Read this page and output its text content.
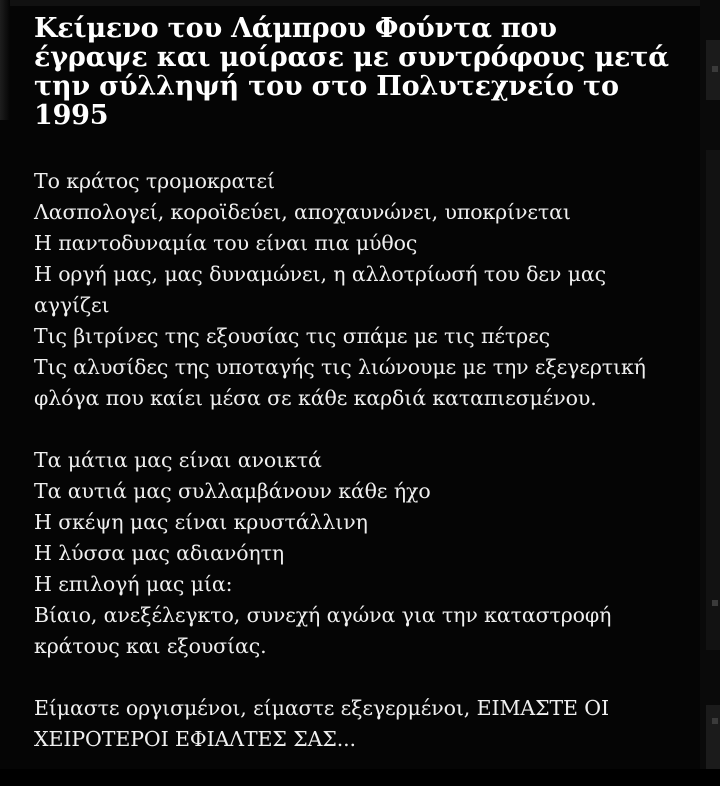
Κείμενο του Λάμπρου Φούντα που έγραψε και μοίρασε με συντρόφους μετά την σύλληψή του στο Πολυτεχνείο το 1995

Το κράτος τρομοκρατεί
Λασπολογεί, κοροϊδεύει, αποχαυνώνει, υποκρίνεται
Η παντοδυναμία του είναι πια μύθος
Η οργή μας, μας δυναμώνει, η αλλοτρίωσή του δεν μας αγγίζει
Τις βιτρίνες της εξουσίας τις σπάμε με τις πέτρες
Τις αλυσίδες της υποταγής τις λιώνουμε με την εξεγερτική φλόγα που καίει μέσα σε κάθε καρδιά καταπιεσμένου.

Τα μάτια μας είναι ανοικτά
Τα αυτιά μας συλλαμβάνουν κάθε ήχο
Η σκέψη μας είναι κρυστάλλινη
Η λύσσα μας αδιανόητη
Η επιλογή μας μία:
Βίαιο, ανεξέλεγκτο, συνεχή αγώνα για την καταστροφή κράτους και εξουσίας.

Είμαστε οργισμένοι, είμαστε εξεγερμένοι, ΕΙΜΑΣΤΕ ΟΙ ΧΕΙΡΟΤΕΡΟΙ ΕΦΙΑΛΤΕΣ ΣΑΣ...
